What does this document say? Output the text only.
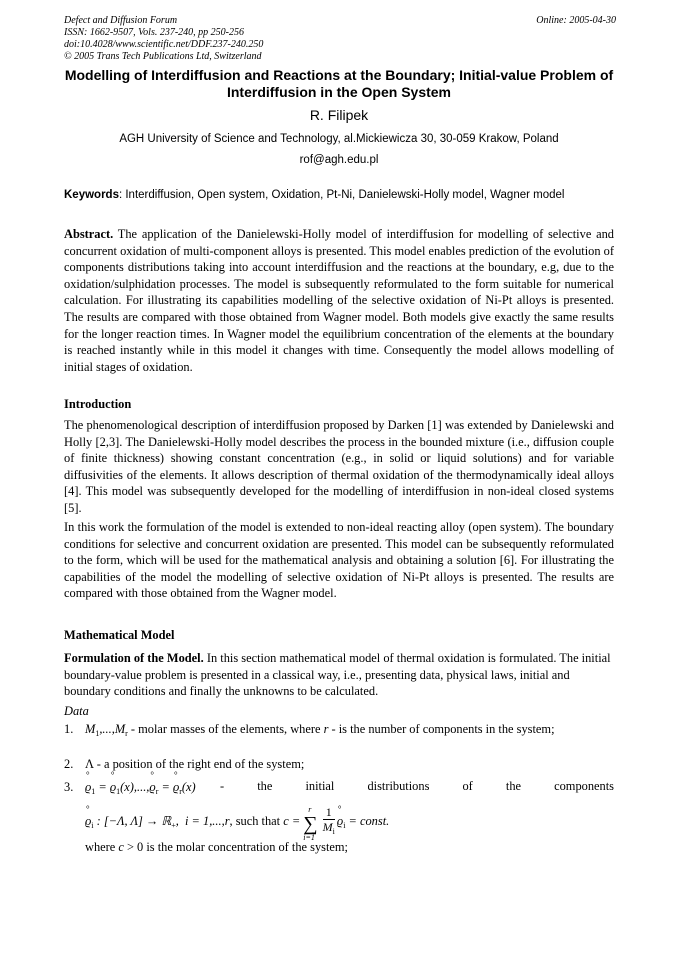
Defect and Diffusion Forum
ISSN: 1662-9507, Vols. 237-240, pp 250-256
doi:10.4028/www.scientific.net/DDF.237-240.250
© 2005 Trans Tech Publications Ltd, Switzerland
Online: 2005-04-30
Modelling of Interdiffusion and Reactions at the Boundary; Initial-value Problem of Interdiffusion in the Open System
R. Filipek
AGH University of Science and Technology, al.Mickiewicza 30, 30-059 Krakow, Poland
rof@agh.edu.pl
Keywords: Interdiffusion, Open system, Oxidation, Pt-Ni, Danielewski-Holly model, Wagner model
Abstract. The application of the Danielewski-Holly model of interdiffusion for modelling of selective and concurrent oxidation of multi-component alloys is presented. This model enables prediction of the evolution of components distributions taking into account interdiffusion and the reactions at the boundary, e.g, due to the oxidation/sulphidation processes. The model is subsequently reformulated to the form suitable for numerical calculation. For illustrating its capabilities modelling of the selective oxidation of Ni-Pt alloys is presented. The results are compared with those obtained from Wagner model. Both models give exactly the same results for the longer reaction times. In Wagner model the equilibrium concentration of the elements at the boundary is reached instantly while in this model it changes with time. Consequently the model allows modelling of initial stages of oxidation.
Introduction
The phenomenological description of interdiffusion proposed by Darken [1] was extended by Danielewski and Holly [2,3]. The Danielewski-Holly model describes the process in the bounded mixture (i.e., diffusion couple of finite thickness) showing constant concentration (e.g., in solid or liquid solutions) and for variable diffusivities of the elements. It allows description of thermal oxidation of the thermodynamically ideal alloys [4]. This model was subsequently developed for the modelling of interdiffusion in non-ideal closed systems [5].
In this work the formulation of the model is extended to non-ideal reacting alloy (open system). The boundary conditions for selective and concurrent oxidation are presented. This model can be subsequently reformulated to the form, which will be used for the mathematical analysis and obtaining a solution [6]. For illustrating the capabilities of the model the modelling of selective oxidation of Ni-Pt alloys is presented. The results are compared with those obtained from the Wagner model.
Mathematical Model
Formulation of the Model. In this section mathematical model of thermal oxidation is formulated. The initial boundary-value problem is presented in a classical way, i.e., presenting data, physical laws, initial and boundary conditions and finally the unknowns to be calculated.
Data
1. $M_1,...,M_r$ - molar masses of the elements, where r - is the number of components in the system;
2. Λ - a position of the right end of the system;
3. ° $ϱ_1$ = ° $ϱ_1(x),...,^\circ$ $ϱ_r$ = ° $ϱ_r(x)$ -	the	initial	distributions	of	the	components
° $ϱ_i$ : [−Λ, Λ] → ℝ$_+$,  i = 1,...,r, such that c = ∑
r
i=1
$\frac{1}{M_i}$ ° $ϱ_i$ = const.
where c > 0 is the molar concentration of the system;
